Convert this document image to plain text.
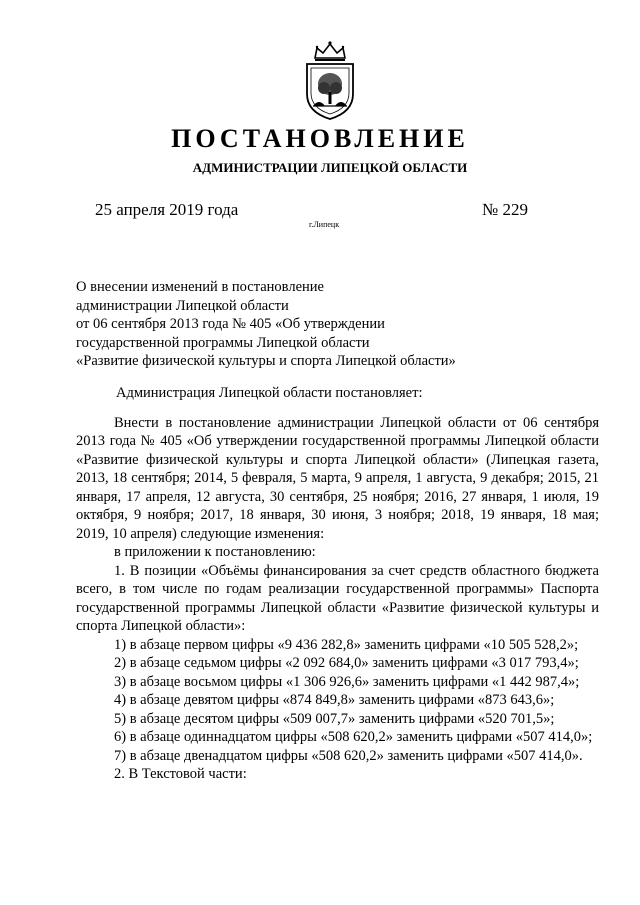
ПОСТАНОВЛЕНИЕ
АДМИНИСТРАЦИИ ЛИПЕЦКОЙ ОБЛАСТИ
25 апреля 2019 года	№ 229
г.Липецк
О внесении изменений в постановление
администрации Липецкой области
от 06 сентября 2013 года № 405 «Об утверждении
государственной программы Липецкой области
«Развитие физической культуры и спорта Липецкой области»
Администрация Липецкой области постановляет:
Внести в постановление администрации Липецкой области от 06 сентября 2013 года № 405 «Об утверждении государственной программы Липецкой области «Развитие физической культуры и спорта Липецкой области» (Липецкая газета, 2013, 18 сентября; 2014, 5 февраля, 5 марта, 9 апреля, 1 августа, 9 декабря; 2015, 21 января, 17 апреля, 12 августа, 30 сентября, 25 ноября; 2016, 27 января, 1 июля, 19 октября, 9 ноября; 2017, 18 января, 30 июня, 3 ноября; 2018, 19 января, 18 мая; 2019, 10 апреля) следующие изменения:
в приложении к постановлению:
1. В позиции «Объёмы финансирования за счет средств областного бюджета всего, в том числе по годам реализации государственной программы» Паспорта государственной программы Липецкой области «Развитие физической культуры и спорта Липецкой области»:
1) в абзаце первом цифры «9 436 282,8» заменить цифрами «10 505 528,2»;
2) в абзаце седьмом цифры «2 092 684,0» заменить цифрами «3 017 793,4»;
3) в абзаце восьмом цифры «1 306 926,6» заменить цифрами «1 442 987,4»;
4) в абзаце девятом цифры «874 849,8» заменить цифрами «873 643,6»;
5) в абзаце десятом цифры «509 007,7» заменить цифрами «520 701,5»;
6) в абзаце одиннадцатом цифры «508 620,2» заменить цифрами «507 414,0»;
7) в абзаце двенадцатом цифры «508 620,2» заменить цифрами «507 414,0».
2. В Текстовой части:
